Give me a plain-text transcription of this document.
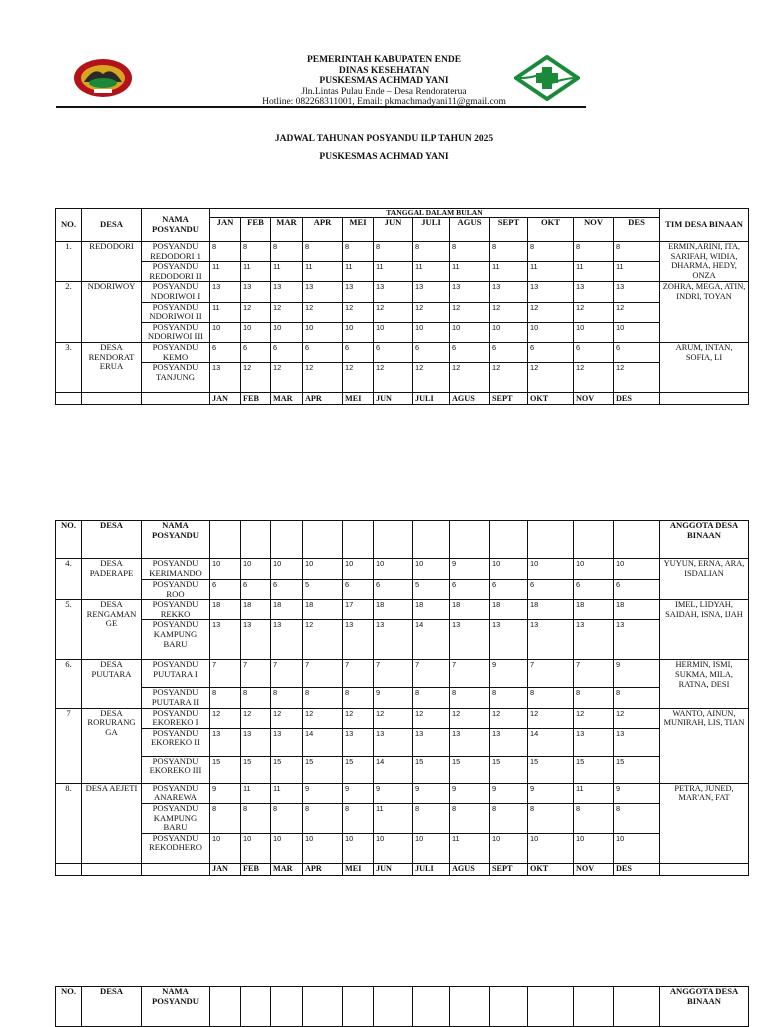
PEMERINTAH KABUPATEN ENDE
DINAS KESEHATAN
PUSKESMAS ACHMAD YANI
Jln.Lintas Pulau Ende – Desa Rendoraterua
Hotline: 082268311001, Email: pkmachmadyani11@gmail.com
JADWAL TAHUNAN POSYANDU ILP TAHUN 2025
PUSKESMAS ACHMAD YANI
NO.	DESA	NAMA POSYANDU	TANGGAL DALAM BULAN												TIM DESA BINAAN
			JAN	FEB	MAR	APR	MEI	JUN	JULI	AGUS	SEPT	OKT	NOV	DES	
1.	REDODORI	POSYANDU REDODORI 1	8	8	8	8	8	8	8	8	8	8	8	8	ERMIN,ARINI, ITA, SARIFAH, WIDIA, DHARMA, HEDY, ONZA
		POSYANDU REDODORI II	11	11	11	11	11	11	11	11	11	11	11	11	
2.	NDORIWOY	POSYANDU NDORIWOI I	13	13	13	13	13	13	13	13	13	13	13	13	ZOHRA, MEGA, ATIN, INDRI, TOYAN
		POSYANDU NDORIWOI II	11	12	12	12	12	12	12	12	12	12	12	12	
		POSYANDU NDORIWOI III	10	10	10	10	10	10	10	10	10	10	10	10	
3.	DESA RENDORAT ERUA	POSYANDU KEMO	6	6	6	6	6	6	6	6	6	6	6	6	ARUM, INTAN, SOFIA, LI
		POSYANDU TANJUNG	13	12	12	12	12	12	12	12	12	12	12	12	
			JAN	FEB	MAR	APR	MEI	JUN	JULI	AGUS	SEPT	OKT	NOV	DES	
NO.	DESA	NAMA POSYANDU													ANGGOTA DESA BINAAN
4.	DESA PADERAPE	POSYANDU KERIMANDO	10	10	10	10	10	10	10	9	10	10	10	10	YUYUN, ERNA, ARA, ISDALIAN
		POSYANDU ROO	6	6	6	5	6	6	5	6	6	6	6	6	
5.	DESA RENGAMAN GE	POSYANDU REKKO	18	18	18	18	17	18	18	18	18	18	18	18	IMEL, LIDYAH, SAIDAH, ISNA, IJAH
		POSYANDU KAMPUNG BARU	13	13	13	12	13	13	14	13	13	13	13	13	
6.	DESA PUUTARA	POSYANDU PUUTARA I	7	7	7	7	7	7	7	7	9	7	7	9	HERMIN, ISMI, SUKMA, MILA, RATNA, DESI
		POSYANDU PUUTARA II	8	8	8	8	8	9	8	8	8	8	8	8	
7	DESA RORURANG GA	POSYANDU EKOREKO I	12	12	12	12	12	12	12	12	12	12	12	12	WANTO, AINUN, MUNIRAH, LIS, TIAN
		POSYANDU EKOREKO II	13	13	13	14	13	13	13	13	13	14	13	13	
		POSYANDU EKOREKO III	15	15	15	15	15	14	15	15	15	15	15	15	
8.	DESA AEJETI	POSYANDU ANAREWA	9	11	11	9	9	9	9	9	9	9	11	9	PETRA, JUNED, MAR'AN, FAT
		POSYANDU KAMPUNG BARU	8	8	8	8	8	11	8	8	8	8	8	8	
		POSYANDU REKODHERO	10	10	10	10	10	10	10	11	10	10	10	10	
			JAN	FEB	MAR	APR	MEI	JUN	JULI	AGUS	SEPT	OKT	NOV	DES	
NO.	DESA	NAMA POSYANDU													ANGGOTA DESA BINAAN
